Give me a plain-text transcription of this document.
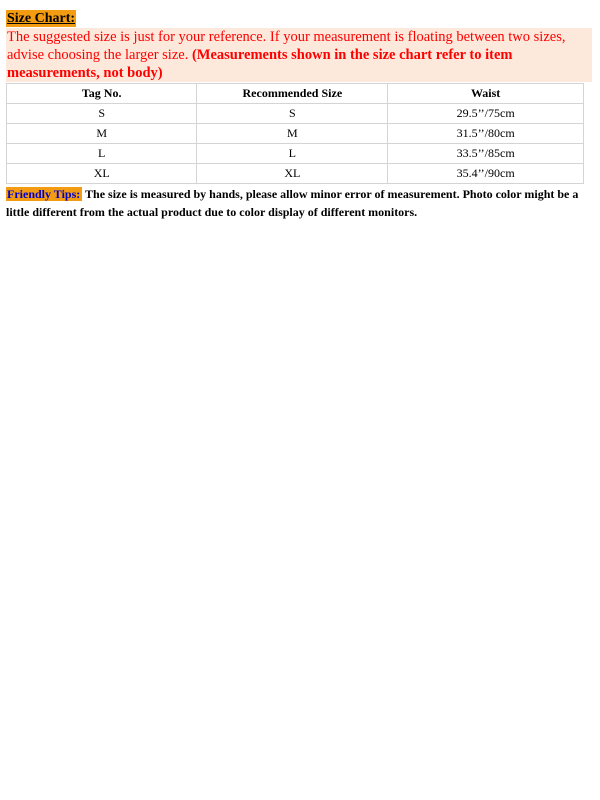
Size Chart:
The suggested size is just for your reference. If your measurement is floating between two sizes, advise choosing the larger size. (Measurements shown in the size chart refer to item measurements, not body)
Tag No.	Recommended Size	Waist
S	S	29.5’’/75cm
M	M	31.5’’/80cm
L	L	33.5’’/85cm
XL	XL	35.4’’/90cm
Friendly Tips: The size is measured by hands, please allow minor error of measurement. Photo color might be a little different from the actual product due to color display of different monitors.
